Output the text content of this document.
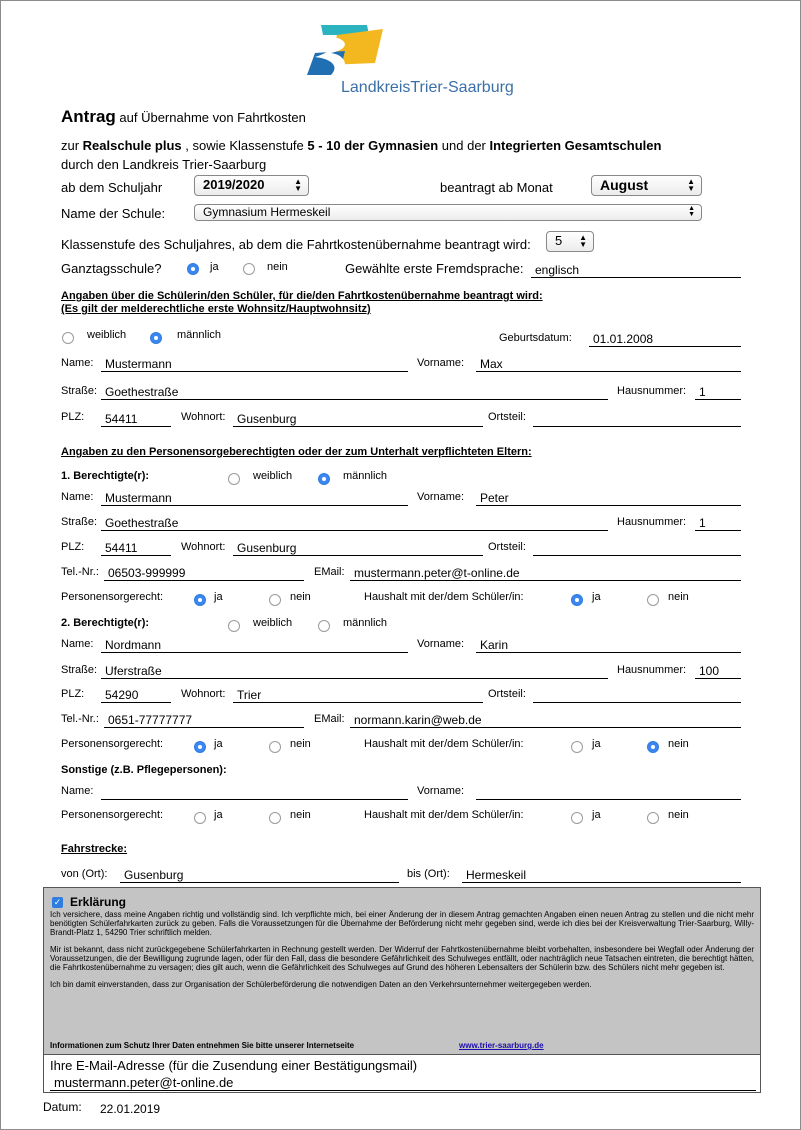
LandkreisTrier-Saarburg
Antrag auf Übernahme von Fahrtkosten
zur Realschule plus , sowie Klassenstufe 5 - 10 der Gymnasien und der Integrierten Gesamtschulen
durch den Landkreis Trier-Saarburg
ab dem Schuljahr	2019/2020	▲
▼	beantragt ab Monat	August	▲
▼
Name der Schule:	Gymnasium Hermeskeil	▲
▼
Klassenstufe des Schuljahres, ab dem die Fahrtkostenübernahme beantragt wird:	5 ▲
▼
Ganztagsschule?	ja	nein	Gewählte erste Fremdsprache: englisch
Angaben über die Schülerin/den Schüler, für die/den Fahrtkostenübernahme beantragt wird:
(Es gilt der melderechtliche erste Wohnsitz/Hauptwohnsitz)
weiblich	männlich	Geburtsdatum:	01.01.2008
Name: Mustermann	Vorname:	Max
Straße: Goethestraße	Hausnummer:	1
PLZ:	54411	Wohnort: Gusenburg	Ortsteil:
Angaben zu den Personensorgeberechtigten oder der zum Unterhalt verpflichteten Eltern:
1. Berechtigte(r):	weiblich	männlich
Name: Mustermann	Vorname:	Peter
Straße: Goethestraße	Hausnummer:	1
PLZ:	54411	Wohnort: Gusenburg	Ortsteil:
Tel.-Nr.: 06503-999999	EMail: mustermann.peter@t-online.de
Personensorgerecht:	ja	nein	Haushalt mit der/dem Schüler/in:	ja	nein
2. Berechtigte(r):	weiblich	männlich
Name: Nordmann	Vorname:	Karin
Straße: Uferstraße	Hausnummer:	100
PLZ:	54290	Wohnort: Trier	Ortsteil:
Tel.-Nr.: 0651-77777777	EMail: normann.karin@web.de
Personensorgerecht:	ja	nein	Haushalt mit der/dem Schüler/in:	ja	nein
Sonstige (z.B. Pflegepersonen):
Name:	Vorname:
Personensorgerecht:	ja	nein	Haushalt mit der/dem Schüler/in:	ja	nein
Fahrstrecke:
von (Ort):	Gusenburg	bis (Ort):	Hermeskeil
✓ Erklärung

Ich versichere, dass meine Angaben richtig und vollständig sind. Ich verpflichte mich, bei einer Änderung der in diesem Antrag gemachten Angaben einen neuen Antrag zu stellen und die nicht mehr benötigten Schülerfahrkarten zurück zu geben. Falls die Voraussetzungen für die Übernahme der Beförderung nicht mehr gegeben sind, werde ich dies bei der Kreisverwaltung Trier-Saarburg, Willy-Brandt-Platz 1, 54290 Trier schriftlich melden.

Mir ist bekannt, dass nicht zurückgegebene Schülerfahrkarten in Rechnung gestellt werden. Der Widerruf der Fahrtkostenübernahme bleibt vorbehalten, insbesondere bei Wegfall oder Änderung der Voraussetzungen, die der Bewilligung zugrunde lagen, oder für den Fall, dass die besondere Gefährlichkeit des Schulweges entfällt, oder nachträglich neue Tatsachen eintreten, die berechtigt hätten, die Fahrtkostenübernahme zu versagen; dies gilt auch, wenn die Gefährlichkeit des Schulweges auf Grund des höheren Lebensalters der Schülerin bzw. des Schülers nicht mehr gegeben ist.

Ich bin damit einverstanden, dass zur Organisation der Schülerbeförderung die notwendigen Daten an den Verkehrsunternehmer weitergegeben werden.

Informationen zum Schutz Ihrer Daten entnehmen Sie bitte unserer Internetseite	www.trier-saarburg.de
Ihre E-Mail-Adresse (für die Zusendung einer Bestätigungsmail)
mustermann.peter@t-online.de
Datum: 22.01.2019
